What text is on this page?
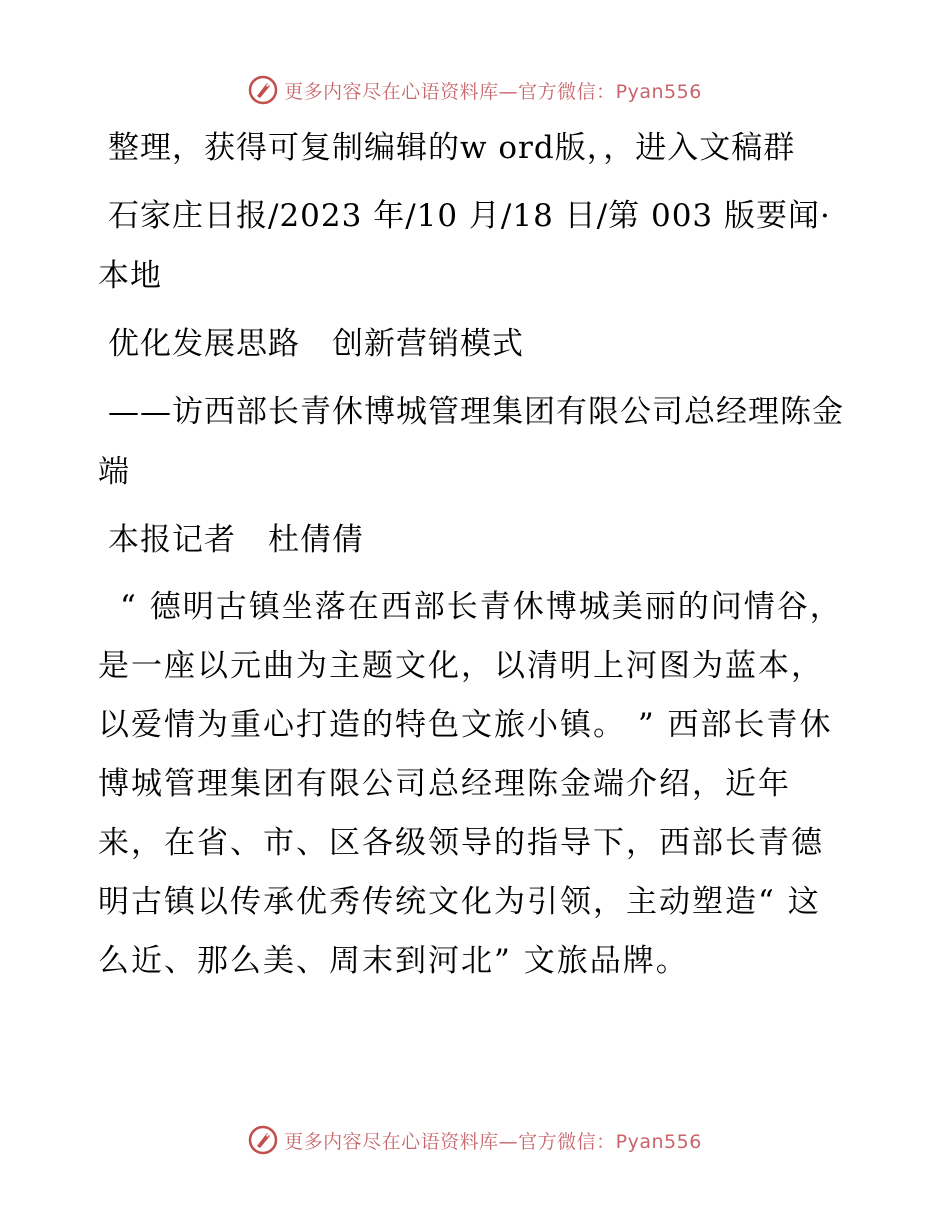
更多内容尽在心语资料库—官方微信：Pyan556

整理，获得可复制编辑的w ord版，，进入文稿群

石家庄日报/2023 年/10 月/18 日/第 003 版要闻· 本地

优化发展思路　创新营销模式

——访西部长青休博城管理集团有限公司总经理陈金端

本报记者　杜倩倩

“ 德明古镇坐落在西部长青休博城美丽的问情谷，是一座以元曲为主题文化，以清明上河图为蓝本，以爱情为重心打造的特色文旅小镇。 ” 西部长青休博城管理集团有限公司总经理陈金端介绍，近年来，在省、市、区各级领导的指导下，西部长青德明古镇以传承优秀传统文化为引领，主动塑造“ 这么近、那么美、周末到河北” 文旅品牌。

更多内容尽在心语资料库—官方微信：Pyan556
